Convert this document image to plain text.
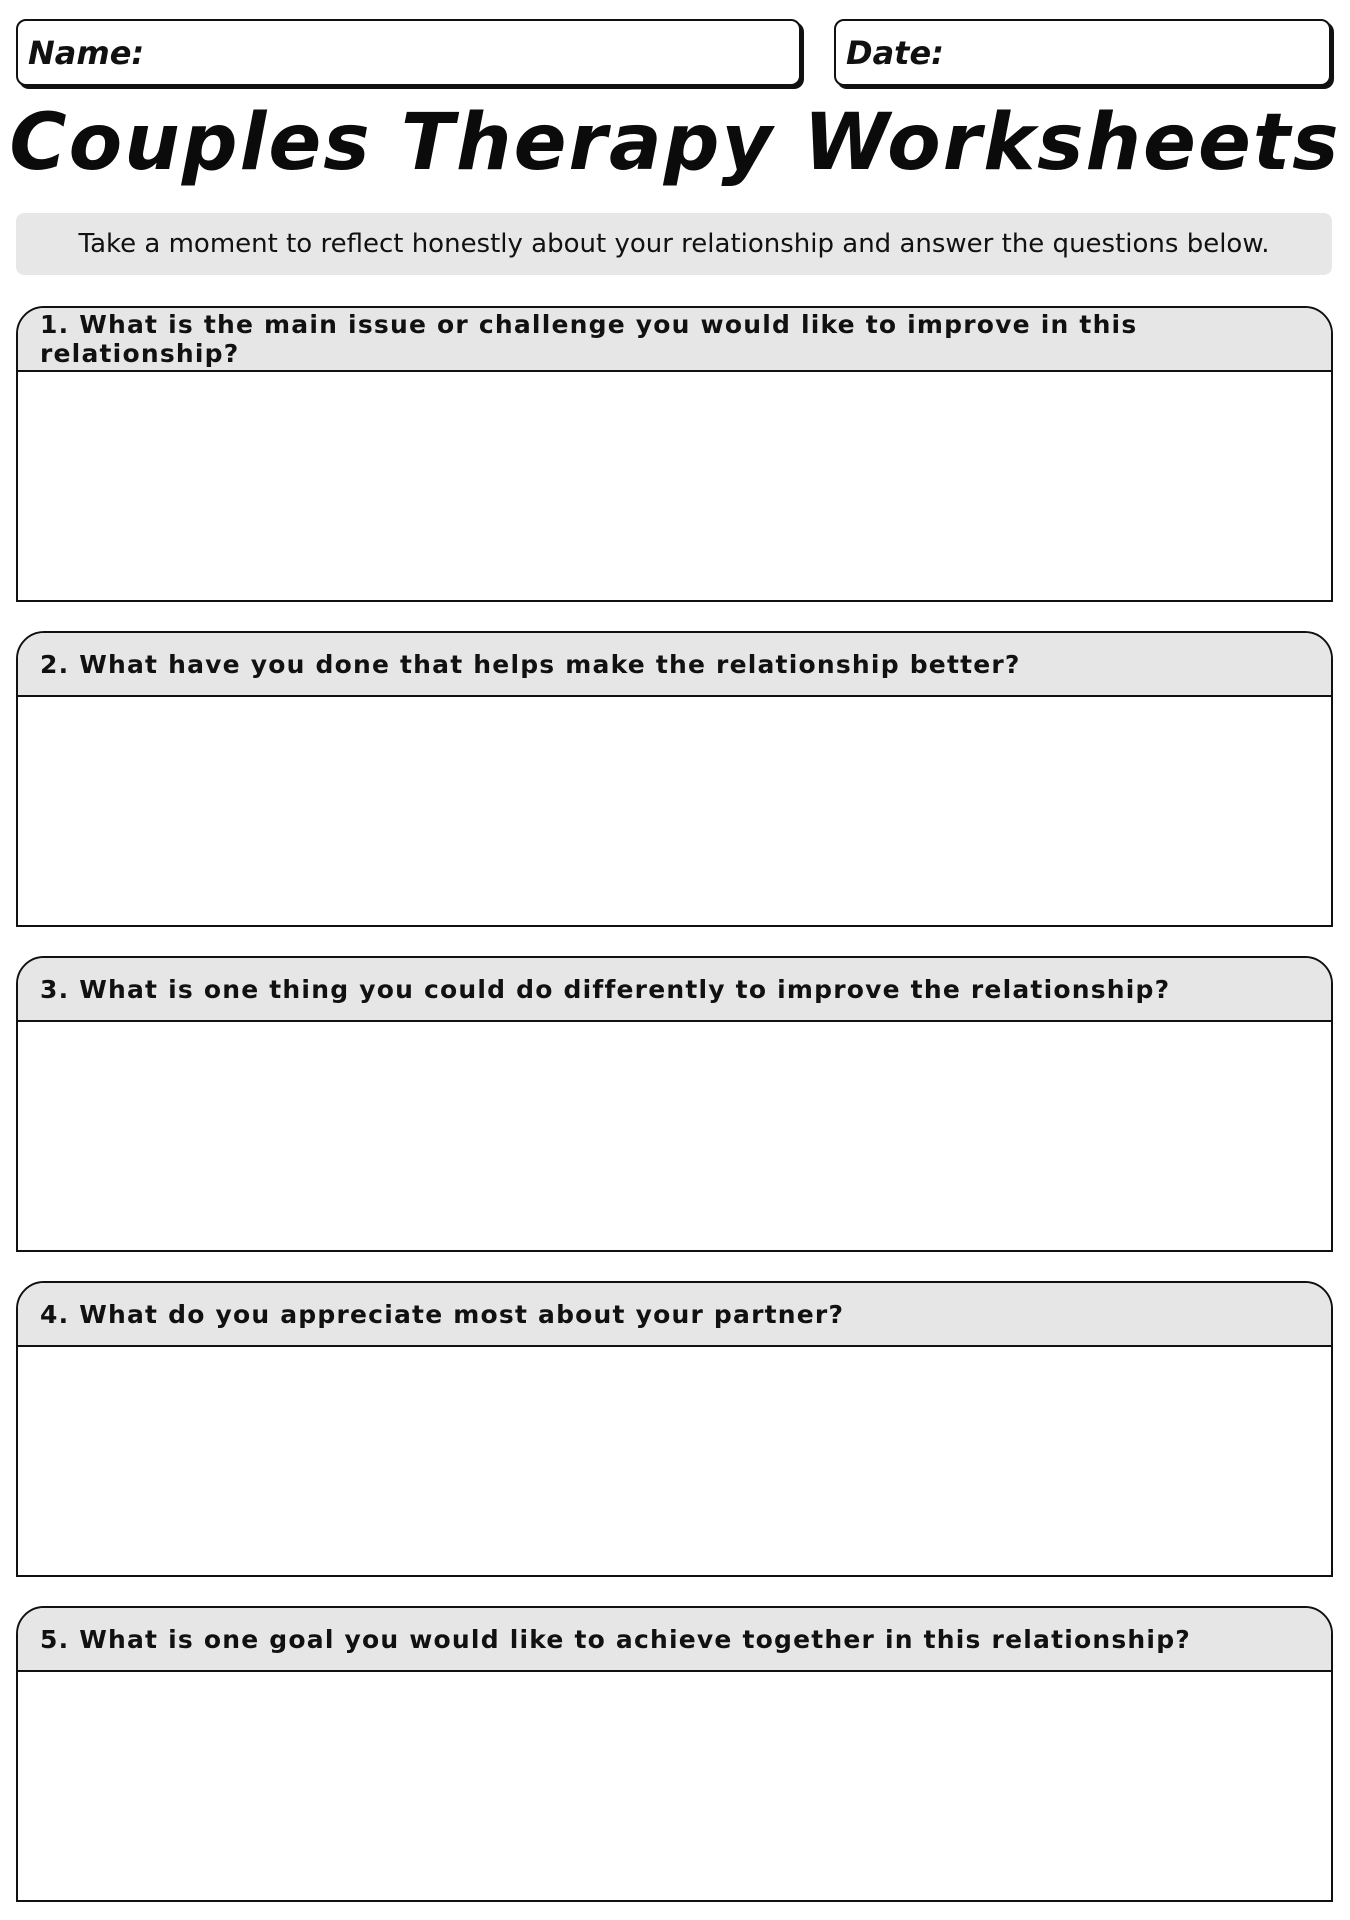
Name:	Date:
Couples Therapy Worksheets
Take a moment to reflect honestly about your relationship and answer the questions below.
1. What is the main issue or challenge you would like to improve in this relationship?
2. What have you done that helps make the relationship better?
3. What is one thing you could do differently to improve the relationship?
4. What do you appreciate most about your partner?
5. What is one goal you would like to achieve together in this relationship?
